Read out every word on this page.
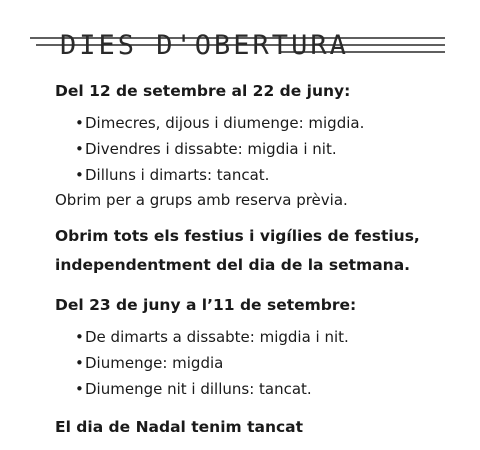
DIES D'OBERTURA
Del 12 de setembre al 22 de juny:
•Dimecres, dijous i diumenge: migdia.
•Divendres i dissabte: migdia i nit.
•Dilluns i dimarts: tancat.
Obrim per a grups amb reserva prèvia.
Obrim tots els festius i vigílies de festius,
independentment del dia de la setmana.
Del 23 de juny a l’11 de setembre:
•De dimarts a dissabte: migdia i nit.
•Diumenge: migdia
•Diumenge nit i dilluns: tancat.
El dia de Nadal tenim tancat
